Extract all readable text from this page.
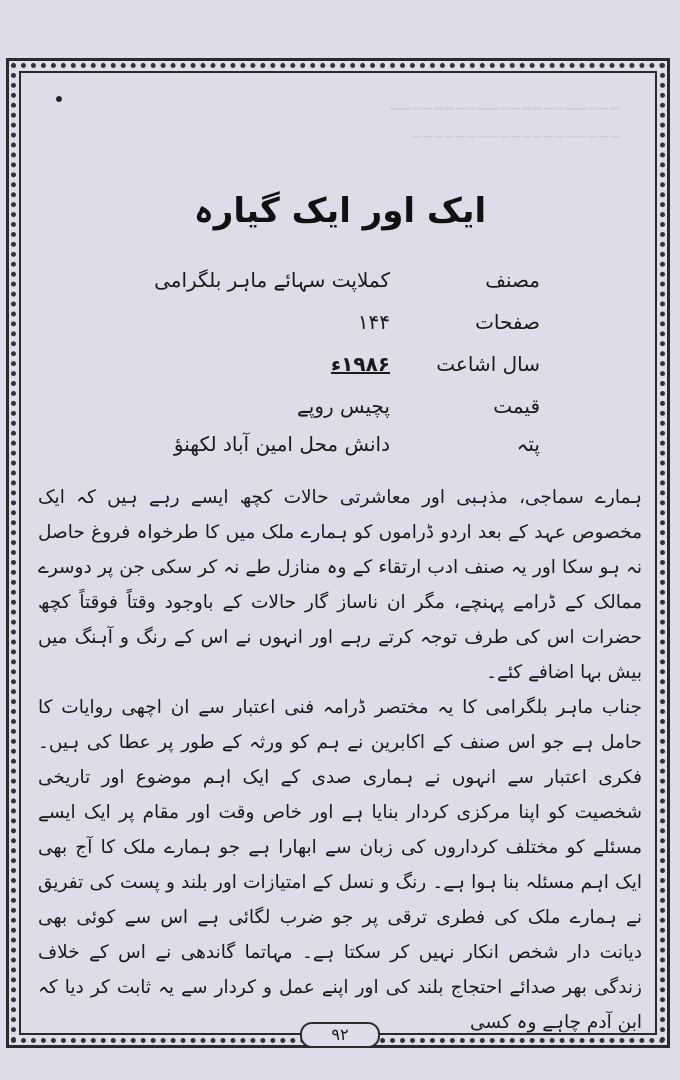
–––––––––––––––––––––
–––––––––––––––––––
ایک اور ایک گیارہ
مصنف
کملاپت سہائے ماہر بلگرامی
صفحات
۱۴۴
سال اشاعت
۱۹۸۶ء
قیمت
پچیس روپے
پتہ
دانش محل امین آباد لکھنؤ

ہمارے سماجی، مذہبی اور معاشرتی حالات کچھ ایسے رہے ہیں کہ ایک مخصوص عہد کے بعد اردو ڈراموں کو ہمارے ملک میں کا طرخواہ فروغ حاصل نہ ہو سکا اور یہ صنف ادب ارتقاء کے وہ منازل طے نہ کر سکی جن پر دوسرے ممالک کے ڈرامے پہنچے، مگر ان ناساز گار حالات کے باوجود وقتاً فوقتاً کچھ حضرات اس کی طرف توجہ کرتے رہے اور انہوں نے اس کے رنگ و آہنگ میں بیش بہا اضافے کئے۔

جناب ماہر بلگرامی کا یہ مختصر ڈرامہ فنی اعتبار سے ان اچھی روایات کا حامل ہے جو اس صنف کے اکابرین نے ہم کو ورثہ کے طور پر عطا کی ہیں۔ فکری اعتبار سے انہوں نے ہماری صدی کے ایک اہم موضوع اور تاریخی شخصیت کو اپنا مرکزی کردار بنایا ہے اور خاص وقت اور مقام پر ایک ایسے مسئلے کو مختلف کرداروں کی زبان سے ابھارا ہے جو ہمارے ملک کا آج بھی ایک اہم مسئلہ بنا ہوا ہے۔ رنگ و نسل کے امتیازات اور بلند و پست کی تفریق نے ہمارے ملک کی فطری ترقی پر جو ضرب لگائی ہے اس سے کوئی بھی دیانت دار شخص انکار نہیں کر سکتا ہے۔ مہاتما گاندھی نے اس کے خلاف زندگی بھر صدائے احتجاج بلند کی اور اپنے عمل و کردار سے یہ ثابت کر دیا کہ ابن آدم چاہے وہ کسی

۹۲
